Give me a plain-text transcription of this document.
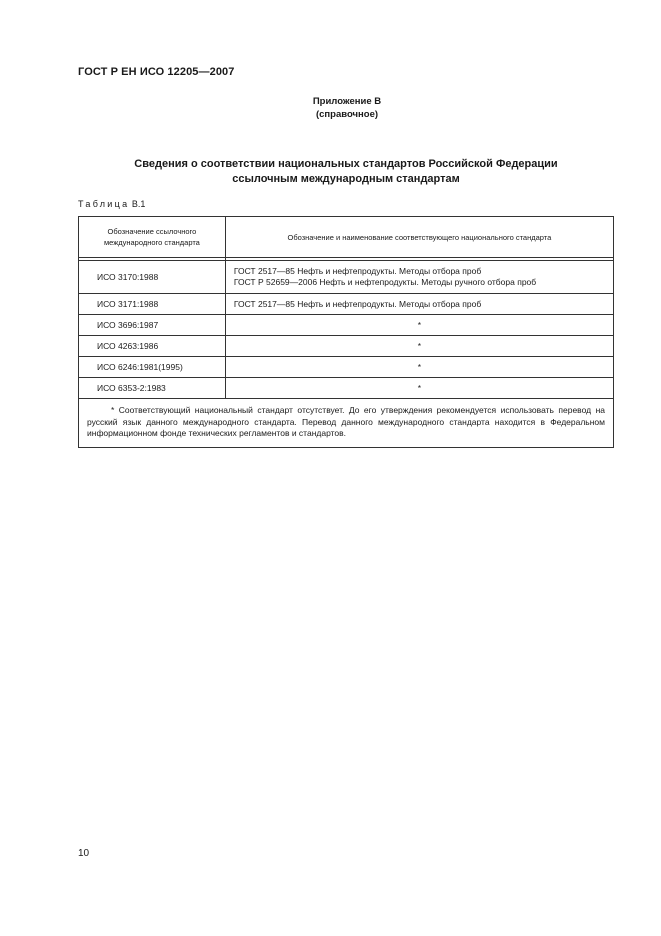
ГОСТ Р ЕН ИСО 12205—2007
Приложение В
(справочное)
Сведения о соответствии национальных стандартов Российской Федерации
ссылочным международным стандартам
Таблица В.1
Обозначение ссылочного
международного стандарта	Обозначение и наименование соответствующего национального стандарта

ИСО 3170:1988	ГОСТ 2517—85 Нефть и нефтепродукты. Методы отбора проб
ГОСТ Р 52659—2006 Нефть и нефтепродукты. Методы ручного отбора проб

ИСО 3171:1988	ГОСТ 2517—85 Нефть и нефтепродукты. Методы отбора проб
ИСО 3696:1987	*
ИСО 4263:1986	*
ИСО 6246:1981(1995)	*
ИСО 6353-2:1983	*
* Соответствующий национальный стандарт отсутствует. До его утверждения рекомендуется использовать перевод на русский язык данного международного стандарта. Перевод данного международного стандарта находится в Федеральном информационном фонде технических регламентов и стандартов.	
10
